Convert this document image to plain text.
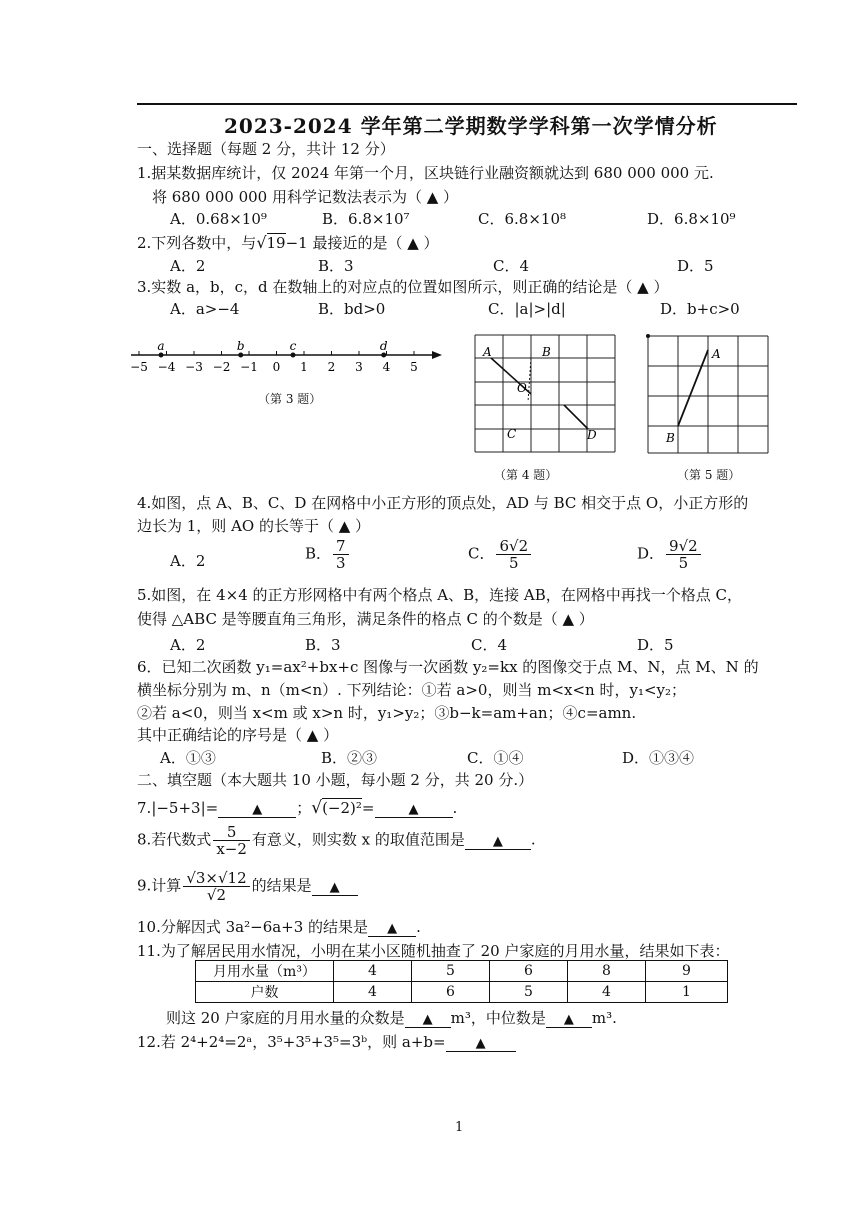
2023-2024 学年第二学期数学学科第一次学情分析
一、选择题（每题 2 分，共计 12 分）
1.据某数据库统计，仅 2024 年第一个月，区块链行业融资额就达到 680 000 000 元.
将 680 000 000 用科学记数法表示为（ ▲ ）
A．0.68×10⁹	B．6.8×10⁷	C．6.8×10⁸	D．6.8×10⁹
2.下列各数中，与√19−1 最接近的是（ ▲ ）
A．2	B．3	C．4	D．5
3.实数 a，b，c，d 在数轴上的对应点的位置如图所示，则正确的结论是（ ▲ ）
A．a>−4	B．bd>0	C．|a|>|d|	D．b+c>0
−5 −4 −3 −2 −1 0 1 2 3 4 5
a	b	c	d
（第 3 题）
A	B
O
C	D
（第 4 题）
A
B
（第 5 题）
4.如图，点 A、B、C、D 在网格中小正方形的顶点处，AD 与 BC 相交于点 O，小正方形的
边长为 1，则 AO 的长等于（ ▲ ）
A．2	B． $\frac{7}{3}$	C． $\frac{6√2}{5}$	D． $\frac{9√2}{5}$
5.如图，在 4×4 的正方形网格中有两个格点 A、B，连接 AB，在网格中再找一个格点 C，
使得 △ABC 是等腰直角三角形，满足条件的格点 C 的个数是（ ▲ ）
A．2	B．3	C．4	D．5
6．已知二次函数 y₁=ax²+bx+c 图像与一次函数 y₂=kx 的图像交于点 M、N，点 M、N 的
横坐标分别为 m、n（m<n）. 下列结论：①若 a>0，则当 m<x<n 时，y₁<y₂；
②若 a<0，则当 x<m 或 x>n 时，y₁>y₂；③b−k=am+an；④c=amn.
其中正确结论的序号是（ ▲ ）
A．①③	B．②③	C．①④	D．①③④
二、填空题（本大题共 10 小题，每小题 2 分，共 20 分.）
7.|−5+3|=	▲ ；√(−2)²=	▲ .
8.若代数式 $\frac{5}{x-2}$ 有意义，则实数 x 的取值范围是 ▲ .
9.计算 $\frac{√3\times√12}{√2}$ 的结果是 ▲
10.分解因式 3a²−6a+3 的结果是 ▲ .
11.为了解居民用水情况，小明在某小区随机抽查了 20 户家庭的月用水量，结果如下表：
月用水量（m³）	4	5	6	8	9
户数	4	6	5	4	1
则这 20 户家庭的月用水量的众数是 ▲ m³，中位数是 ▲ m³.
12.若 2⁴+2⁴=2ᵃ，3⁵+3⁵+3⁵=3ᵇ，则 a+b= ▲
1
